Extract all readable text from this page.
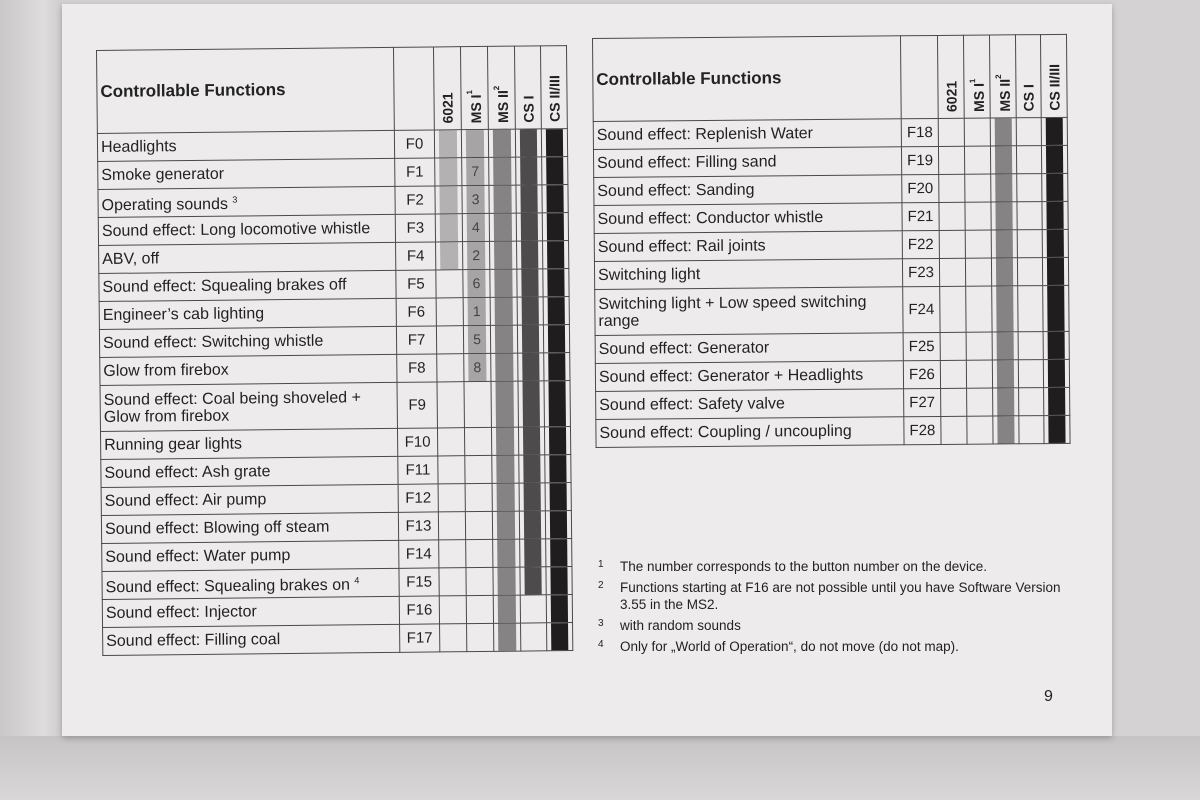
Controllable Functions		6021	MS $I^1$	MS $II^2$	CS I	CS II/III

Headlights	F0	

Smoke generator	F1		7			

Operating sounds $^3$	F2		3			

Sound effect: Long locomotive whistle	F3		4			

ABV, off	F4		2			

Sound effect: Squealing brakes off	F5		6			

Engineer’s cab lighting	F6		1			

Sound effect: Switching whistle	F7		5			

Glow from firebox	F8		8			

Sound effect: Coal being shoveled + Glow from firebox	F9	

Running gear lights	F10	

Sound effect: Ash grate	F11	

Sound effect: Air pump	F12	

Sound effect: Blowing off steam	F13	

Sound effect: Water pump	F14	

Sound effect: Squealing brakes on $^4$	F15	

Sound effect: Injector	F16	

Sound effect: Filling coal	F17	

Controllable Functions		6021	MS $I^1$	MS $II^2$	CS I	CS II/III

Sound effect: Replenish Water	F18	

Sound effect: Filling sand	F19	

Sound effect: Sanding	F20	

Sound effect: Conductor whistle	F21	

Sound effect: Rail joints	F22	

Switching light	F23	

Switching light + Low speed switching range	F24	

Sound effect: Generator	F25	

Sound effect: Generator + Headlights	F26	

Sound effect: Safety valve	F27	

Sound effect: Coupling / uncoupling	F28	

1	The number corresponds to the button number on the device.
2	Functions starting at F16 are not possible until you have Software Version 3.55 in the MS2.
3	with random sounds
4	Only for „World of Operation“, do not move (do not map).
9
